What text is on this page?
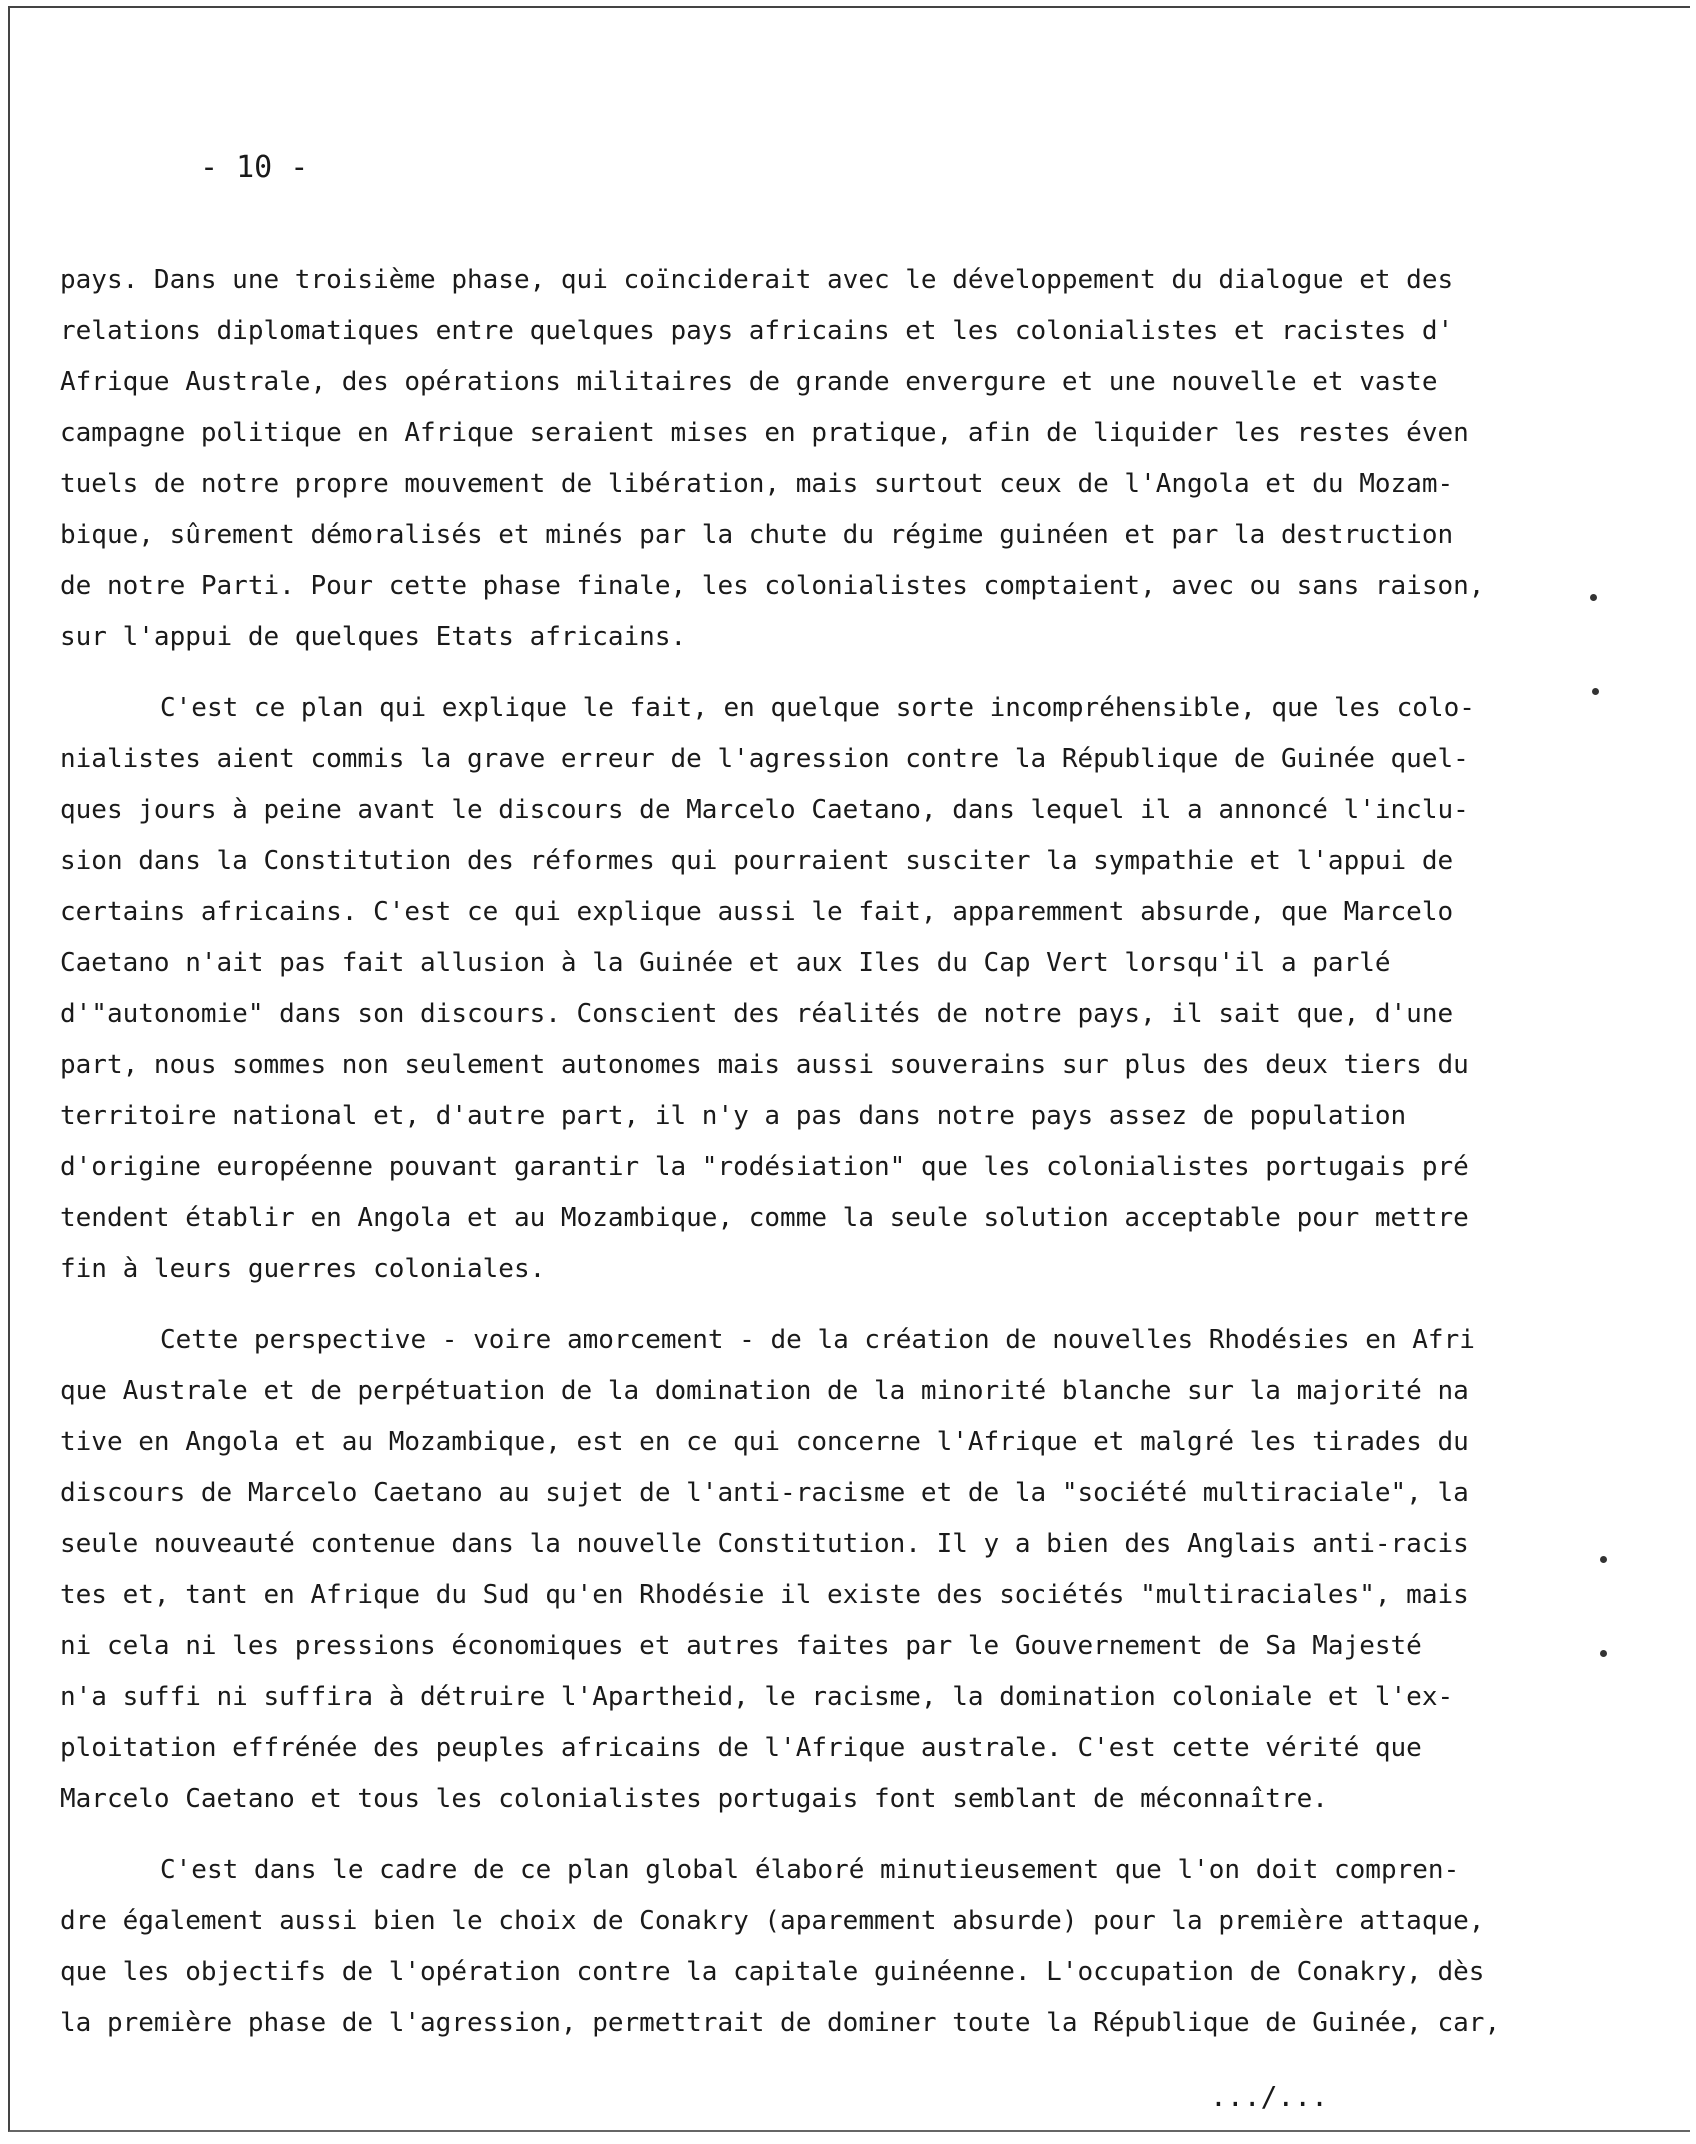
- 10 -
pays. Dans une troisième phase, qui coïnciderait avec le développement du dialogue et des
relations diplomatiques entre quelques pays africains et les colonialistes et racistes d'
Afrique Australe, des opérations militaires de grande envergure et une nouvelle et vaste
campagne politique en Afrique seraient mises en pratique, afin de liquider les restes éven
tuels de notre propre mouvement de libération, mais surtout ceux de l'Angola et du Mozam-
bique, sûrement démoralisés et minés par la chute du régime guinéen et par la destruction
de notre Parti. Pour cette phase finale, les colonialistes comptaient, avec ou sans raison,
sur l'appui de quelques Etats africains.
C'est ce plan qui explique le fait, en quelque sorte incompréhensible, que les colo-
nialistes aient commis la grave erreur de l'agression contre la République de Guinée quel-
ques jours à peine avant le discours de Marcelo Caetano, dans lequel il a annoncé l'inclu-
sion dans la Constitution des réformes qui pourraient susciter la sympathie et l'appui de
certains africains. C'est ce qui explique aussi le fait, apparemment absurde, que Marcelo
Caetano n'ait pas fait allusion à la Guinée et aux Iles du Cap Vert lorsqu'il a parlé
d'"autonomie" dans son discours. Conscient des réalités de notre pays, il sait que, d'une
part, nous sommes non seulement autonomes mais aussi souverains sur plus des deux tiers du
territoire national et, d'autre part, il n'y a pas dans notre pays assez de population
d'origine européenne pouvant garantir la "rodésiation" que les colonialistes portugais pré
tendent établir en Angola et au Mozambique, comme la seule solution acceptable pour mettre
fin à leurs guerres coloniales.
Cette perspective - voire amorcement - de la création de nouvelles Rhodésies en Afri
que Australe et de perpétuation de la domination de la minorité blanche sur la majorité na
tive en Angola et au Mozambique, est en ce qui concerne l'Afrique et malgré les tirades du
discours de Marcelo Caetano au sujet de l'anti-racisme et de la "société multiraciale", la
seule nouveauté contenue dans la nouvelle Constitution. Il y a bien des Anglais anti-racis
tes et, tant en Afrique du Sud qu'en Rhodésie il existe des sociétés "multiraciales", mais
ni cela ni les pressions économiques et autres faites par le Gouvernement de Sa Majesté
n'a suffi ni suffira à détruire l'Apartheid, le racisme, la domination coloniale et l'ex-
ploitation effrénée des peuples africains de l'Afrique australe. C'est cette vérité que
Marcelo Caetano et tous les colonialistes portugais font semblant de méconnaître.
C'est dans le cadre de ce plan global élaboré minutieusement que l'on doit compren-
dre également aussi bien le choix de Conakry (aparemment absurde) pour la première attaque,
que les objectifs de l'opération contre la capitale guinéenne. L'occupation de Conakry, dès
la première phase de l'agression, permettrait de dominer toute la République de Guinée, car,
.../...
